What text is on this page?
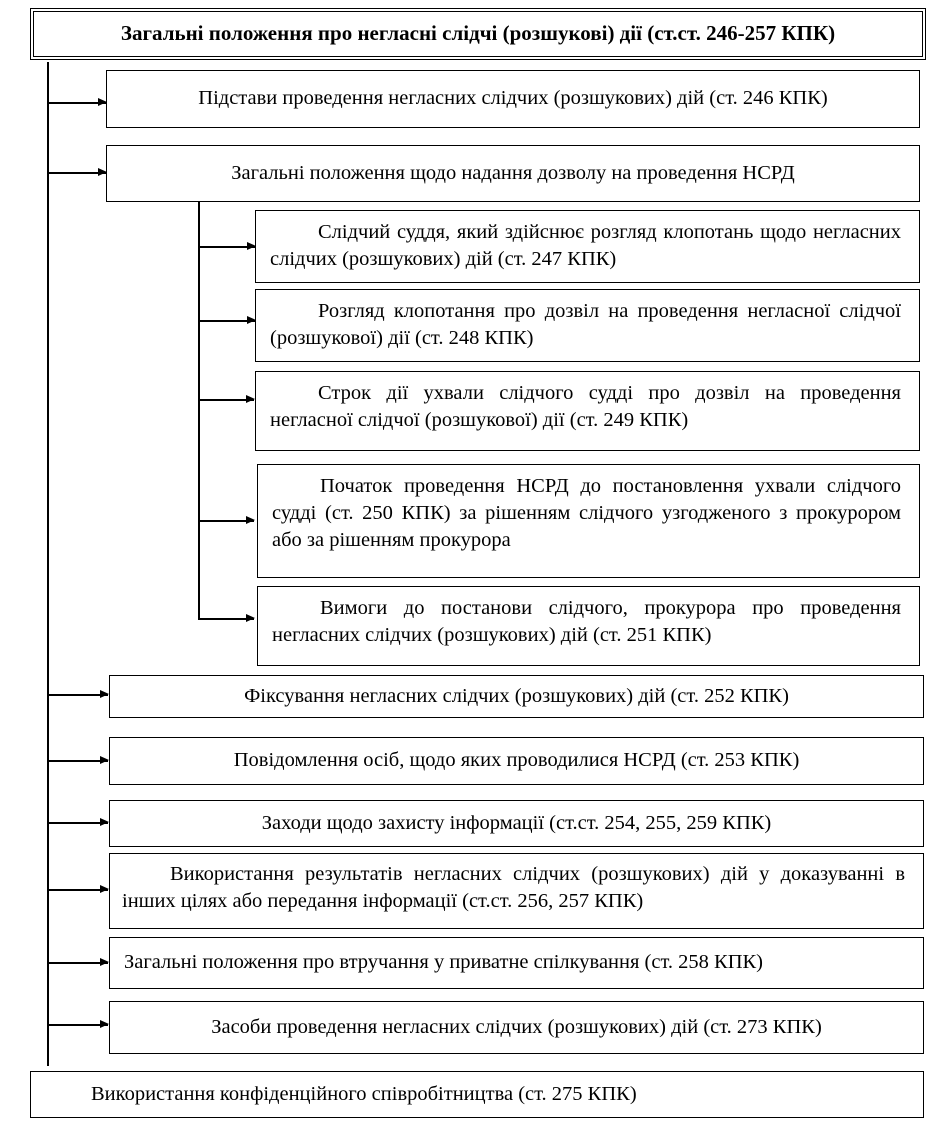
Загальні положення про негласні слідчі (розшукові) дії (ст.ст. 246-257 КПК)
Підстави проведення негласних слідчих (розшукових) дій (ст. 246 КПК)
Загальні положення щодо надання дозволу на проведення НСРД
Слідчий суддя, який здійснює розгляд клопотань щодо негласних слідчих (розшукових) дій (ст. 247 КПК)
Розгляд клопотання про дозвіл на проведення негласної слідчої (розшукової) дії (ст. 248 КПК)
Строк дії ухвали слідчого судді про дозвіл на проведення негласної слідчої (розшукової) дії (ст. 249 КПК)
Початок проведення НСРД до постановлення ухвали слідчого судді (ст. 250 КПК) за рішенням слідчого узгодженого з прокурором або за рішенням прокурора
Вимоги до постанови слідчого, прокурора про проведення негласних слідчих (розшукових) дій (ст. 251 КПК)
Фіксування негласних слідчих (розшукових) дій (ст. 252 КПК)
Повідомлення осіб, щодо яких проводилися НСРД (ст. 253 КПК)
Заходи щодо захисту інформації (ст.ст. 254, 255, 259 КПК)
Використання результатів негласних слідчих (розшукових) дій у доказуванні в інших цілях або передання інформації (ст.ст. 256, 257 КПК)
Загальні положення про втручання у приватне спілкування (ст. 258 КПК)
Засоби проведення негласних слідчих (розшукових) дій (ст. 273 КПК)
Використання конфіденційного співробітництва (ст. 275 КПК)
